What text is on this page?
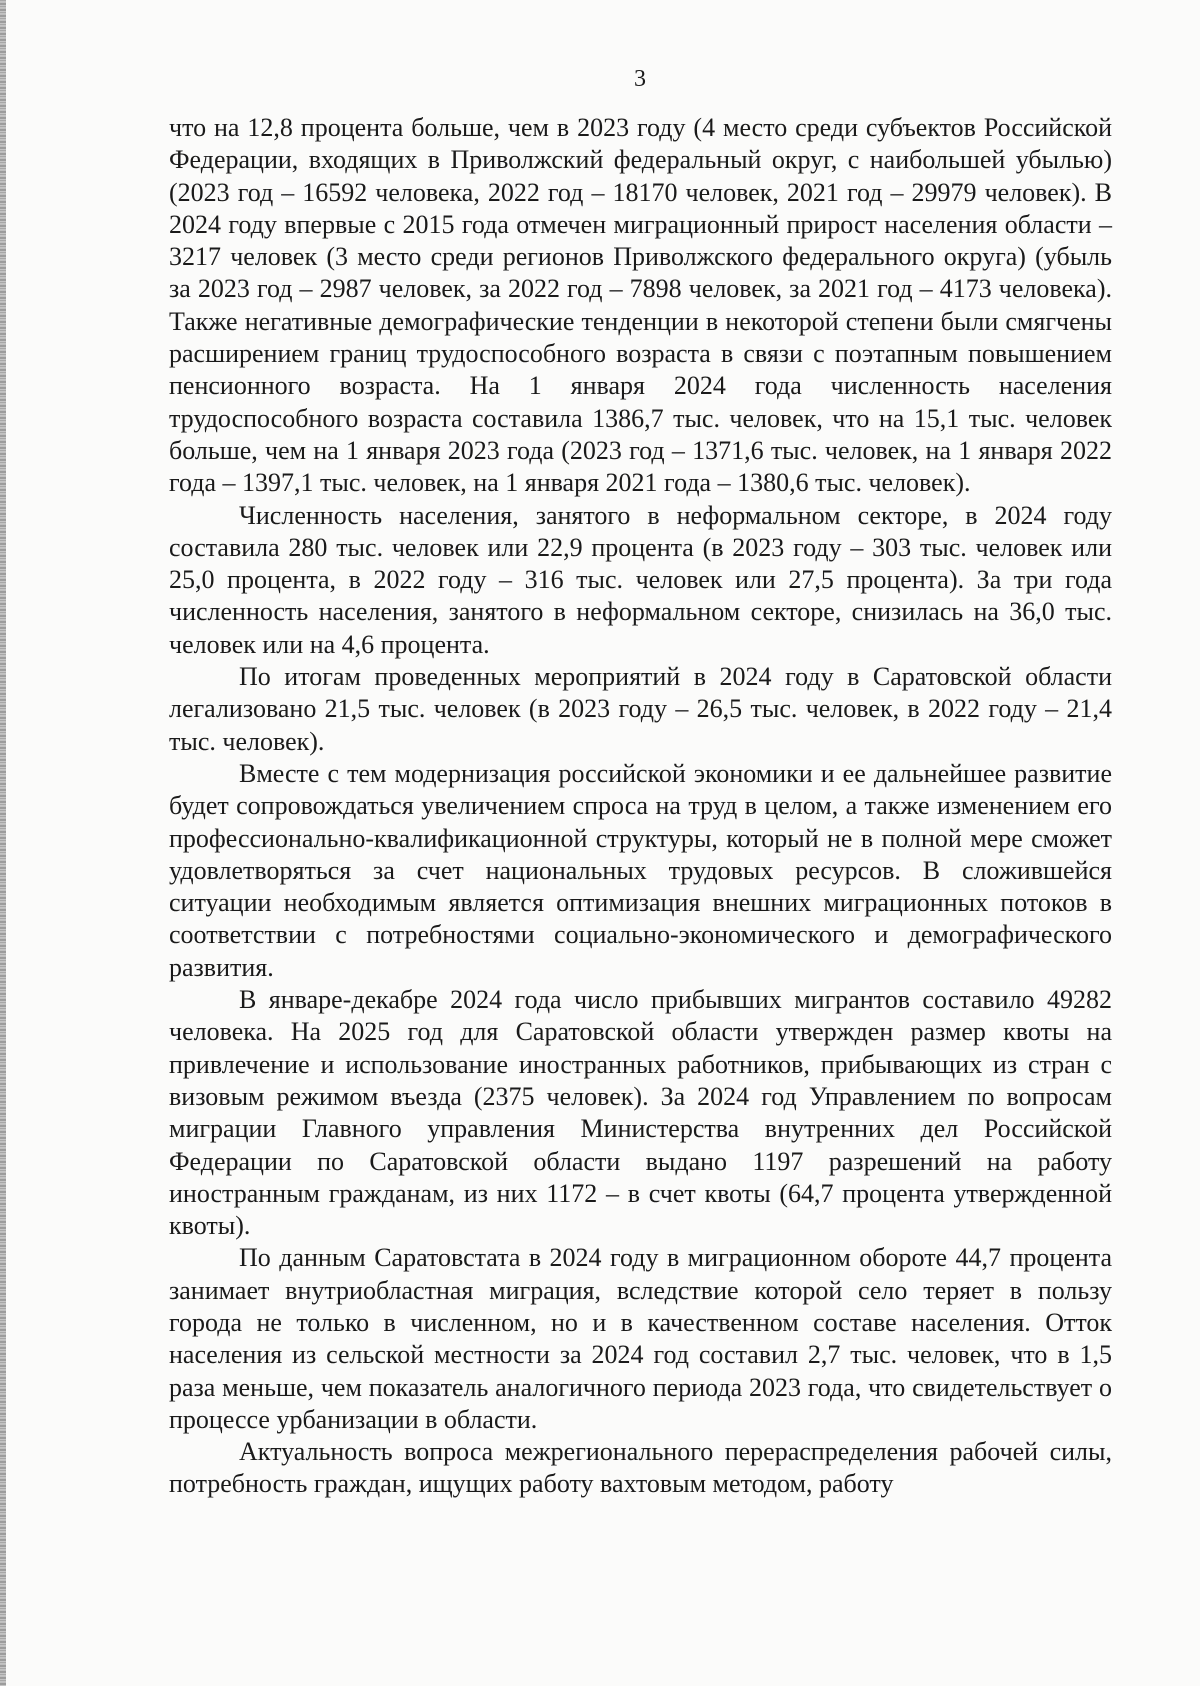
3

что на 12,8 процента больше, чем в 2023 году (4 место среди субъектов Российской Федерации, входящих в Приволжский федеральный округ, с наибольшей убылью) (2023 год – 16592 человека, 2022 год – 18170 человек, 2021 год – 29979 человек). В 2024 году впервые с 2015 года отмечен миграционный прирост населения области – 3217 человек (3 место среди регионов Приволжского федерального округа) (убыль за 2023 год – 2987 человек, за 2022 год – 7898 человек, за 2021 год – 4173 человека). Также негативные демографические тенденции в некоторой степени были смягчены расширением границ трудоспособного возраста в связи с поэтапным повышением пенсионного возраста. На 1 января 2024 года численность населения трудоспособного возраста составила 1386,7 тыс. человек, что на 15,1 тыс. человек больше, чем на 1 января 2023 года (2023 год – 1371,6 тыс. человек, на 1 января 2022 года – 1397,1 тыс. человек, на 1 января 2021 года – 1380,6 тыс. человек).

Численность населения, занятого в неформальном секторе, в 2024 году составила 280 тыс. человек или 22,9 процента (в 2023 году – 303 тыс. человек или 25,0 процента, в 2022 году – 316 тыс. человек или 27,5 процента). За три года численность населения, занятого в неформальном секторе, снизилась на 36,0 тыс. человек или на 4,6 процента.

По итогам проведенных мероприятий в 2024 году в Саратовской области легализовано 21,5 тыс. человек (в 2023 году – 26,5 тыс. человек, в 2022 году – 21,4 тыс. человек).

Вместе с тем модернизация российской экономики и ее дальнейшее развитие будет сопровождаться увеличением спроса на труд в целом, а также изменением его профессионально-квалификационной структуры, который не в полной мере сможет удовлетворяться за счет национальных трудовых ресурсов. В сложившейся ситуации необходимым является оптимизация внешних миграционных потоков в соответствии с потребностями социально-экономического и демографического развития.

В январе-декабре 2024 года число прибывших мигрантов составило 49282 человека. На 2025 год для Саратовской области утвержден размер квоты на привлечение и использование иностранных работников, прибывающих из стран с визовым режимом въезда (2375 человек). За 2024 год Управлением по вопросам миграции Главного управления Министерства внутренних дел Российской Федерации по Саратовской области выдано 1197 разрешений на работу иностранным гражданам, из них 1172 – в счет квоты (64,7 процента утвержденной квоты).

По данным Саратовстата в 2024 году в миграционном обороте 44,7 процента занимает внутриобластная миграция, вследствие которой село теряет в пользу города не только в численном, но и в качественном составе населения. Отток населения из сельской местности за 2024 год составил 2,7 тыс. человек, что в 1,5 раза меньше, чем показатель аналогичного периода 2023 года, что свидетельствует о процессе урбанизации в области.

Актуальность вопроса межрегионального перераспределения рабочей силы, потребность граждан, ищущих работу вахтовым методом, работу
